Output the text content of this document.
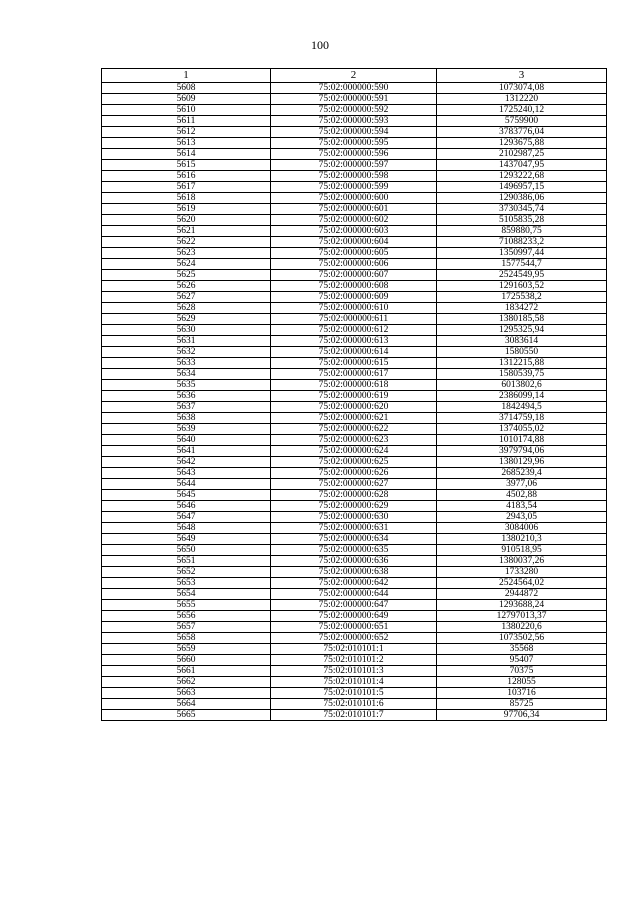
100
1	2	3
5608	75:02:000000:590	1073074,08
5609	75:02:000000:591	1312220
5610	75:02:000000:592	1725240,12
5611	75:02:000000:593	5759900
5612	75:02:000000:594	3783776,04
5613	75:02:000000:595	1293675,88
5614	75:02:000000:596	2102987,25
5615	75:02:000000:597	1437047,95
5616	75:02:000000:598	1293222,68
5617	75:02:000000:599	1496957,15
5618	75:02:000000:600	1290386,06
5619	75:02:000000:601	3730345,74
5620	75:02:000000:602	5105835,28
5621	75:02:000000:603	859880,75
5622	75:02:000000:604	71088233,2
5623	75:02:000000:605	1350997,44
5624	75:02:000000:606	1577544,7
5625	75:02:000000:607	2524549,95
5626	75:02:000000:608	1291603,52
5627	75:02:000000:609	1725538,2
5628	75:02:000000:610	1834272
5629	75:02:000000:611	1380185,58
5630	75:02:000000:612	1295325,94
5631	75:02:000000:613	3083614
5632	75:02:000000:614	1580550
5633	75:02:000000:615	1312215,88
5634	75:02:000000:617	1580539,75
5635	75:02:000000:618	6013802,6
5636	75:02:000000:619	2386099,14
5637	75:02:000000:620	1842494,5
5638	75:02:000000:621	3714759,18
5639	75:02:000000:622	1374055,02
5640	75:02:000000:623	1010174,88
5641	75:02:000000:624	3979794,06
5642	75:02:000000:625	1380129,96
5643	75:02:000000:626	2685239,4
5644	75:02:000000:627	3977,06
5645	75:02:000000:628	4502,88
5646	75:02:000000:629	4183,54
5647	75:02:000000:630	2943,05
5648	75:02:000000:631	3084006
5649	75:02:000000:634	1380210,3
5650	75:02:000000:635	910518,95
5651	75:02:000000:636	1380037,26
5652	75:02:000000:638	1733280
5653	75:02:000000:642	2524564,02
5654	75:02:000000:644	2944872
5655	75:02:000000:647	1293688,24
5656	75:02:000000:649	12797013,37
5657	75:02:000000:651	1380220,6
5658	75:02:000000:652	1073502,56
5659	75:02:010101:1	35568
5660	75:02:010101:2	95407
5661	75:02:010101:3	70375
5662	75:02:010101:4	128055
5663	75:02:010101:5	103716
5664	75:02:010101:6	85725
5665	75:02:010101:7	97706,34
